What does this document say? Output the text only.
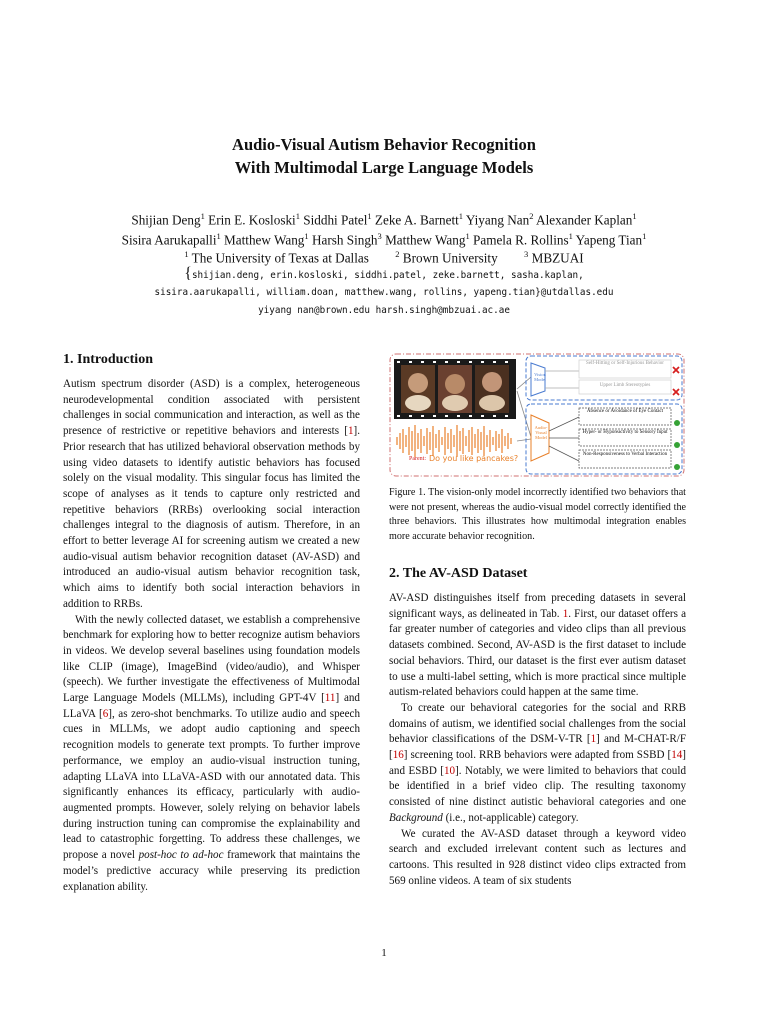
Audio-Visual Autism Behavior Recognition
With Multimodal Large Language Models
Shijian Deng$^1$ Erin E. Kosloski$^1$ Siddhi Patel$^1$ Zeke A. Barnett$^1$ Yiyang Nan$^2$ Alexander Kaplan$^1$
Sisira Aarukapalli$^1$ Matthew Wang$^1$ Harsh Singh$^3$ Matthew Wang$^1$ Pamela R. Rollins$^1$ Yapeng Tian$^1$
$^1$ The University of Texas at Dallas  	$^2$ Brown University  	$^3$ MBZUAI
{shijian.deng, erin.kosloski, siddhi.patel, zeke.barnett, sasha.kaplan,
sisira.aarukapalli, william.doan, matthew.wang, rollins, yapeng.tian}@utdallas.edu
yiyang nan@brown.edu harsh.singh@mbzuai.ac.ae
1. Introduction

Autism spectrum disorder (ASD) is a complex, heterogeneous neurodevelopmental condition associated with persistent challenges in social communication and interaction, as well as the presence of restrictive or repetitive behaviors and interests [1]. Prior research that has utilized behavioral observation methods by using video datasets to identify autistic behaviors has focused solely on the visual modality. This singular focus has limited the scope of analyses as it tends to capture only restricted and repetitive behaviors (RRBs) overlooking social interaction challenges integral to the diagnosis of autism. Therefore, in an effort to better leverage AI for screening autism we created a new audio-visual autism behavior recognition dataset (AV-ASD) and introduced an audio-visual autism behavior recognition task, which aims to identify both social interaction behaviors in addition to RRBs.

With the newly collected dataset, we establish a comprehensive benchmark for exploring how to better recognize autism behaviors in videos. We develop several baselines using foundation models like CLIP (image), ImageBind (video/audio), and Whisper (speech). We further investigate the effectiveness of Multimodal Large Language Models (MLLMs), including GPT-4V [11] and LLaVA [6], as zero-shot benchmarks. To utilize audio and speech cues in MLLMs, we adopt audio captioning and speech recognition models to generate text prompts. To further improve performance, we employ an audio-visual instruction tuning, adapting LLaVA into LLaVA-ASD with our annotated data. This significantly enhances its efficacy, particularly with audio-augmented prompts. However, solely relying on behavior labels during instruction tuning can compromise the explainability and lead to catastrophic forgetting. To address these challenges, we propose a novel post-hoc to ad-hoc framework that maintains the model’s predictive accuracy while preserving its prediction explanation ability.

Vision Model
Audio-Visual Model
Parent: Do you like pancakes?
Self-Hitting or Self-Injurious Behavior
Upper Limb Stereotypies
Absence or Avoidance of Eye Contact
Hyper- or Hyporeactivity to Sensory Input
Non-Responsiveness to Verbal Interaction
Figure 1. The vision-only model incorrectly identified two behaviors that were not present, whereas the audio-visual model correctly identified the three behaviors. This illustrates how multimodal integration enables more accurate behavior recognition.
2. The AV-ASD Dataset

AV-ASD distinguishes itself from preceding datasets in several significant ways, as delineated in Tab. 1. First, our dataset offers a far greater number of categories and video clips than all previous datasets combined. Second, AV-ASD is the first dataset to include social behaviors. Third, our dataset is the first ever autism dataset to use a multi-label setting, which is more practical since multiple autism-related behaviors could happen at the same time.

To create our behavioral categories for the social and RRB domains of autism, we identified social challenges from the social behavior classifications of the DSM-V-TR [1] and M-CHAT-R/F [16] screening tool. RRB behaviors were adapted from SSBD [14] and ESBD [10]. Notably, we were limited to behaviors that could be identified in a brief video clip. The resulting taxonomy consisted of nine distinct autistic behavioral categories and one Background (i.e., not-applicable) category.

We curated the AV-ASD dataset through a keyword video search and excluded irrelevant content such as lectures and cartoons. This resulted in 928 distinct video clips extracted from 569 online videos. A team of six students

1
